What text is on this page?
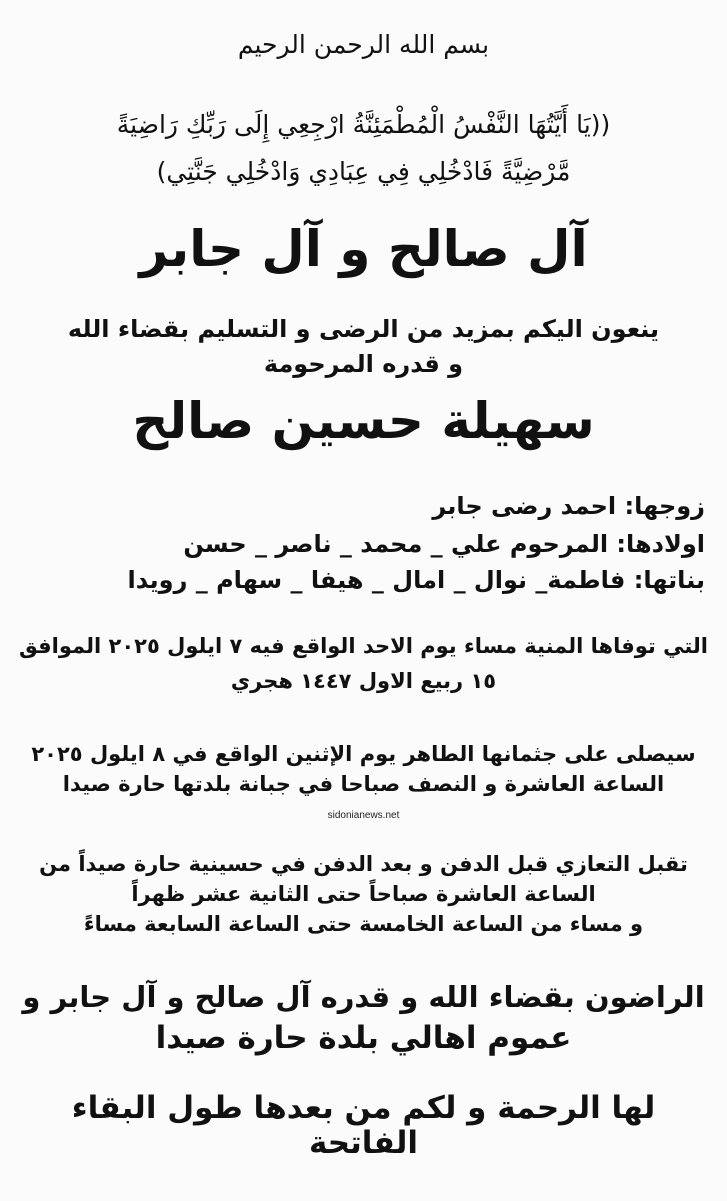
بسم الله الرحمن الرحيم
((يَا أَيَّتُهَا النَّفْسُ الْمُطْمَئِنَّةُ ارْجِعِي إِلَى رَبِّكِ رَاضِيَةً
مَّرْضِيَّةً فَادْخُلِي فِي عِبَادِي وَادْخُلِي جَنَّتِي)
آل صالح و آل جابر
ينعون اليكم بمزيد من الرضى و التسليم بقضاء الله
و قدره المرحومة
سهيلة حسين صالح
زوجها: احمد رضى جابر
اولادها: المرحوم علي _ محمد _ ناصر _ حسن
بناتها: فاطمة_ نوال _ امال _ هيفا _ سهام _ رويدا
التي توفاها المنية مساء يوم الاحد الواقع فيه ٧ ايلول ٢٠٢٥ الموافق
١٥ ربيع الاول ١٤٤٧ هجري
سيصلى على جثمانها الطاهر يوم الإثنين الواقع في ٨ ايلول ٢٠٢٥
الساعة العاشرة و النصف صباحا في جبانة بلدتها حارة صيدا
sidonianews.net
تقبل التعازي قبل الدفن و بعد الدفن في حسينية حارة صيداً من
الساعة العاشرة صباحاً حتى الثانية عشر ظهراً
و مساء من الساعة الخامسة حتى الساعة السابعة مساءً
الراضون بقضاء الله و قدره آل صالح و آل جابر و
عموم اهالي بلدة حارة صيدا
لها الرحمة و لكم من بعدها طول البقاء
الفاتحة
